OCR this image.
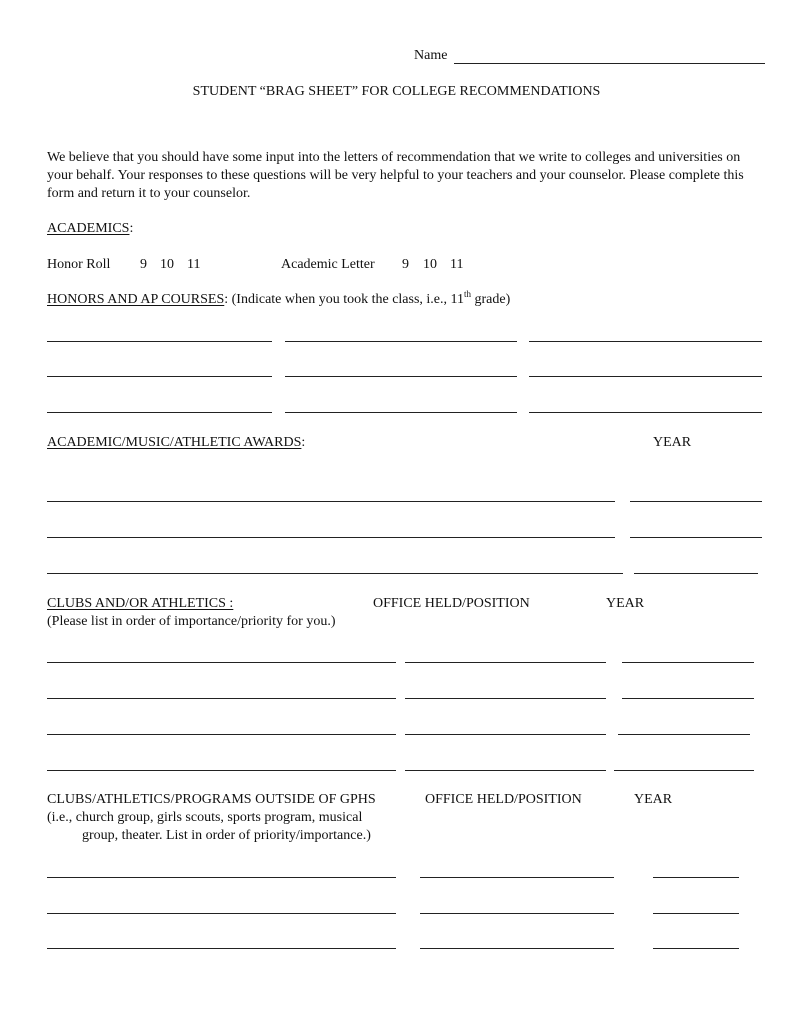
Name
STUDENT “BRAG SHEET” FOR COLLEGE RECOMMENDATIONS
We believe that you should have some input into the letters of recommendation that we write to colleges and universities on your behalf. Your responses to these questions will be very helpful to your teachers and your counselor. Please complete this form and return it to your counselor.
ACADEMICS:
Honor Roll 9 10 11	Academic Letter 9 10 11
HONORS AND AP COURSES: (Indicate when you took the class, i.e., 11th grade)
ACADEMIC/MUSIC/ATHLETIC AWARDS:	YEAR
CLUBS AND/OR ATHLETICS :	OFFICE HELD/POSITION	YEAR
(Please list in order of importance/priority for you.)
CLUBS/ATHLETICS/PROGRAMS OUTSIDE OF GPHS	OFFICE HELD/POSITION	YEAR
(i.e., church group, girls scouts, sports program, musical
group, theater. List in order of priority/importance.)
